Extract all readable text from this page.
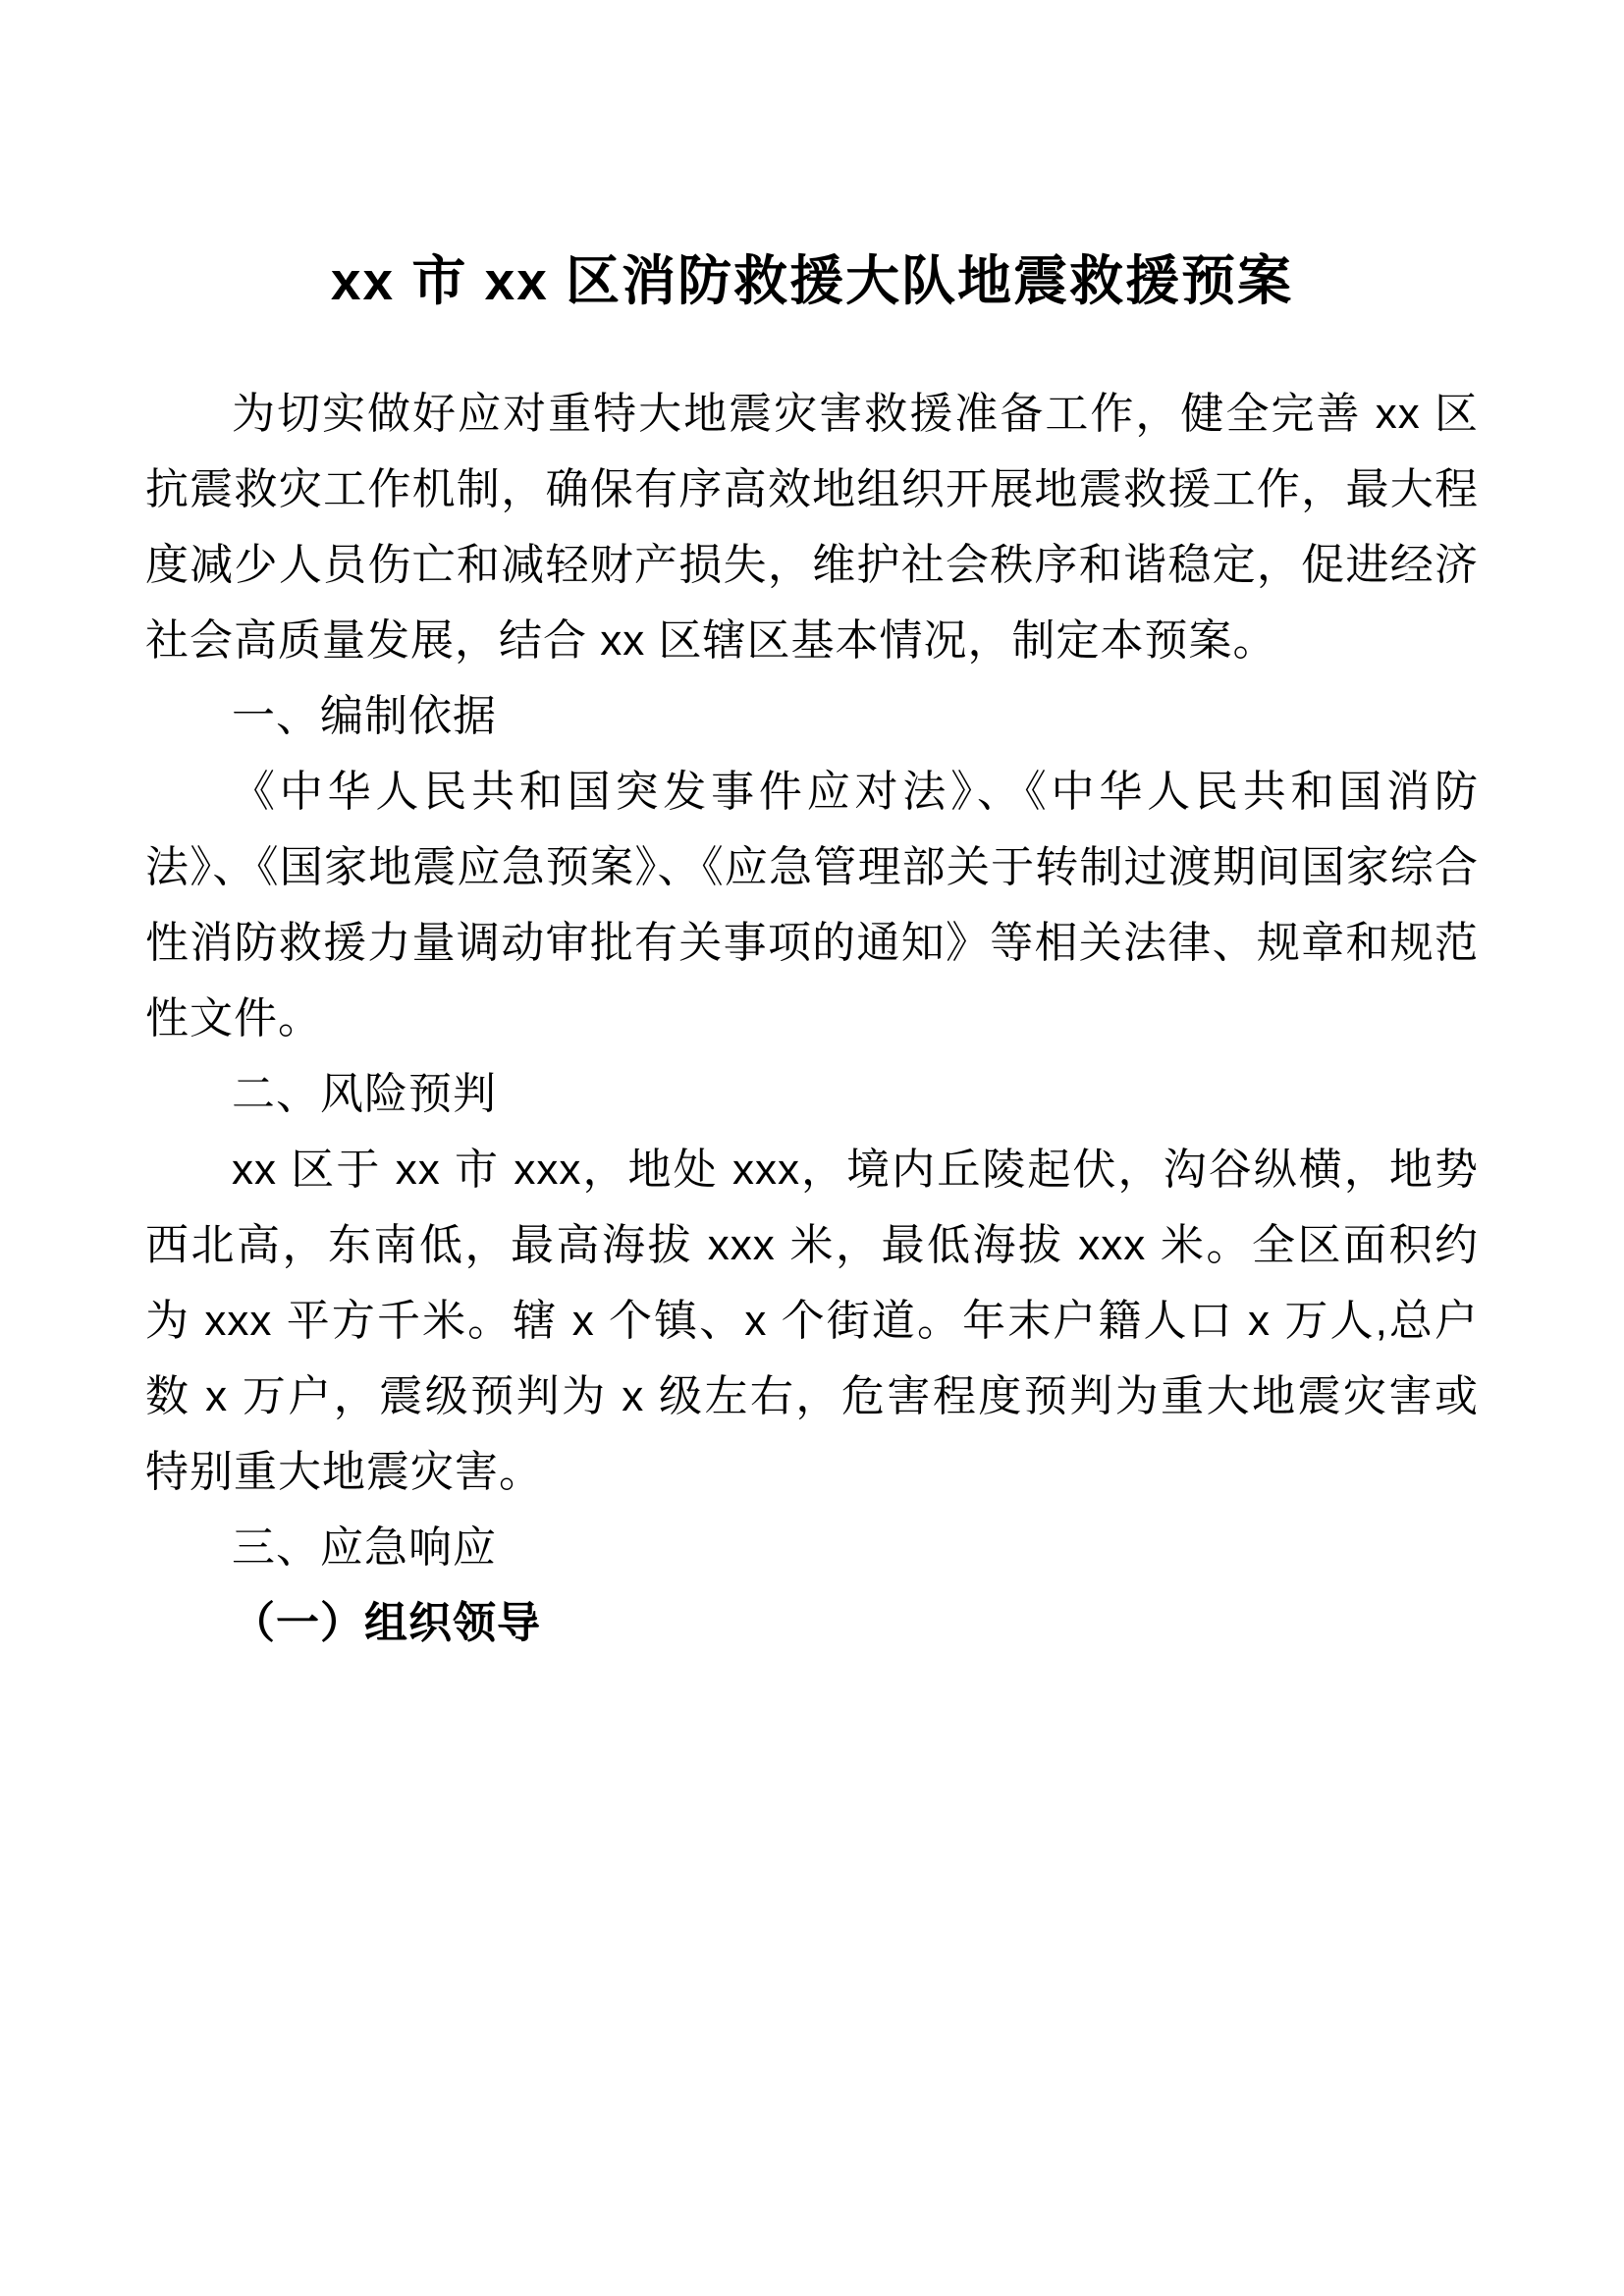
xx 市 xx 区消防救援大队地震救援预案

为切实做好应对重特大地震灾害救援准备工作，健全完善 xx 区抗震救灾工作机制，确保有序高效地组织开展地震救援工作，最大程度减少人员伤亡和减轻财产损失，维护社会秩序和谐稳定，促进经济社会高质量发展，结合 xx 区辖区基本情况，制定本预案。

一、编制依据

《中华人民共和国突发事件应对法》、《中华人民共和国消防法》、《国家地震应急预案》、《应急管理部关于转制过渡期间国家综合性消防救援力量调动审批有关事项的通知》等相关法律、规章和规范性文件。

二、风险预判

xx 区于 xx 市 xxx，地处 xxx，境内丘陵起伏，沟谷纵横，地势西北高，东南低，最高海拔 xxx 米，最低海拔 xxx 米。全区面积约为 xxx 平方千米。辖 x 个镇、x 个街道。年末户籍人口 x 万人,总户数 x 万户，震级预判为 x 级左右，危害程度预判为重大地震灾害或特别重大地震灾害。

三、应急响应

（一）组织领导
